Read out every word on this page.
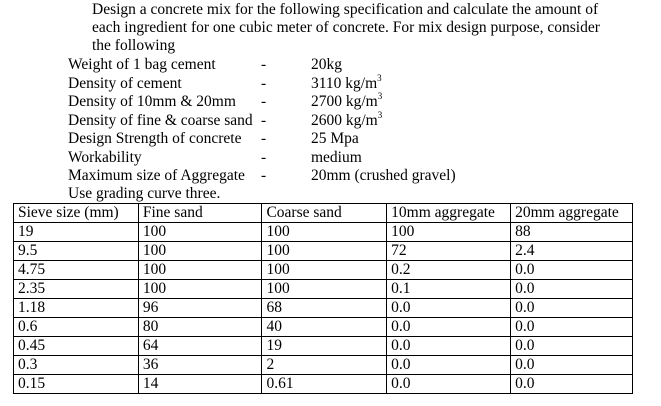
Design a concrete mix for the following specification and calculate the amount of
each ingredient for one cubic meter of concrete. For mix design purpose, consider
the following
Weight of 1 bag cement	-	20kg
Density of cement	-	3110 $kg/m^3$
Density of 10mm & 20mm -	2700 $kg/m^3$
Density of fine & coarse sand -	2600 $kg/m^3$
Design Strength of concrete -	25 Mpa
Workability	-	medium
Maximum size of Aggregate -	20mm (crushed gravel)
Use grading curve three.
Sieve size (mm)	Fine sand	Coarse sand	10mm aggregate	20mm aggregate
19	100	100	100	88
9.5	100	100	72	2.4
4.75	100	100	0.2	0.0
2.35	100	100	0.1	0.0
1.18	96	68	0.0	0.0
0.6	80	40	0.0	0.0
0.45	64	19	0.0	0.0
0.3	36	2	0.0	0.0
0.15	14	0.61	0.0	0.0
